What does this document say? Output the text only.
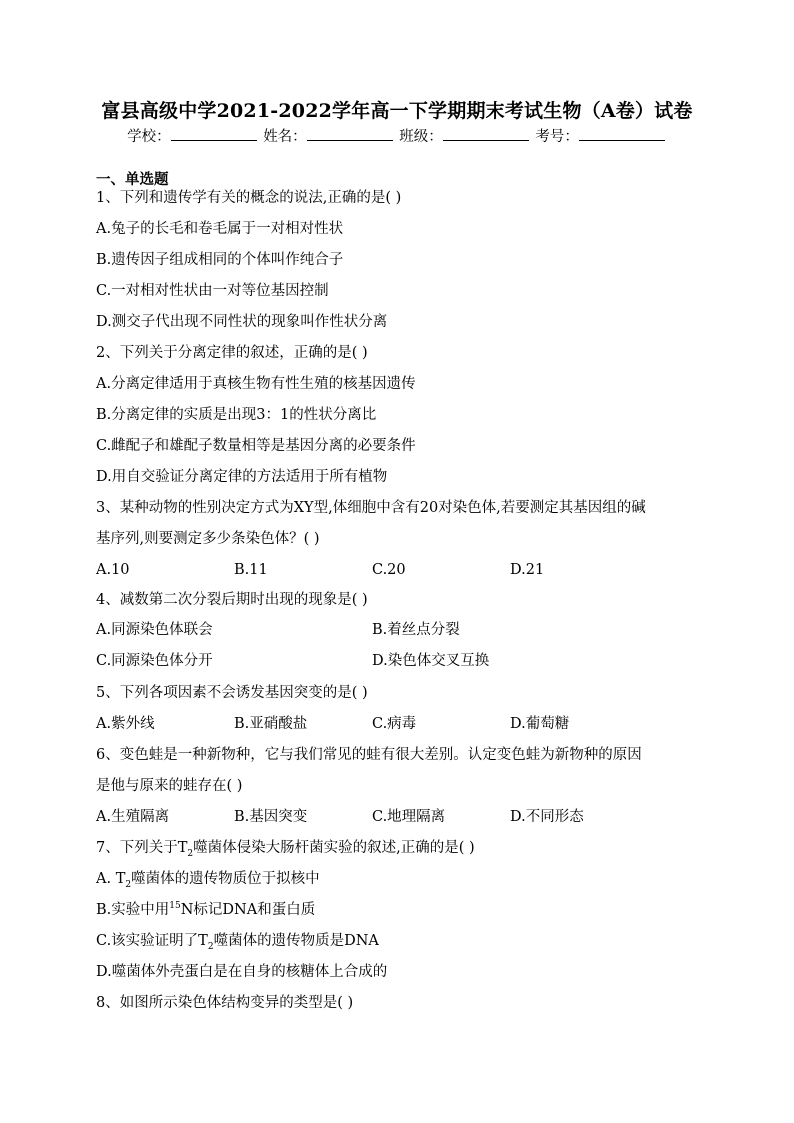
富县高级中学2021-2022学年高一下学期期末考试生物（A卷）试卷
学校：	姓名：	班级：	考号：
一、单选题
1、下列和遗传学有关的概念的说法,正确的是( )
A.兔子的长毛和卷毛属于一对相对性状
B.遗传因子组成相同的个体叫作纯合子
C.一对相对性状由一对等位基因控制
D.测交子代出现不同性状的现象叫作性状分离
2、下列关于分离定律的叙述，正确的是( )
A.分离定律适用于真核生物有性生殖的核基因遗传
B.分离定律的实质是出现3：1的性状分离比
C.雌配子和雄配子数量相等是基因分离的必要条件
D.用自交验证分离定律的方法适用于所有植物
3、某种动物的性别决定方式为XY型,体细胞中含有20对染色体,若要测定其基因组的碱
基序列,则要测定多少条染色体？( )
A.10	B.11	C.20	D.21
4、减数第二次分裂后期时出现的现象是( )
A.同源染色体联会	B.着丝点分裂
C.同源染色体分开	D.染色体交叉互换
5、下列各项因素不会诱发基因突变的是( )
A.紫外线	B.亚硝酸盐	C.病毒	D.葡萄糖
6、变色蛙是一种新物种，它与我们常见的蛙有很大差别。认定变色蛙为新物种的原因
是他与原来的蛙存在( )
A.生殖隔离	B.基因突变	C.地理隔离	D.不同形态
7、下列关于$T_2$噬菌体侵染大肠杆菌实验的叙述,正确的是( )
A. $T_2$噬菌体的遗传物质位于拟核中
B.实验中用$^{15}$N标记DNA和蛋白质
C.该实验证明了$T_2$噬菌体的遗传物质是DNA
D.噬菌体外壳蛋白是在自身的核糖体上合成的
8、如图所示染色体结构变异的类型是( )
